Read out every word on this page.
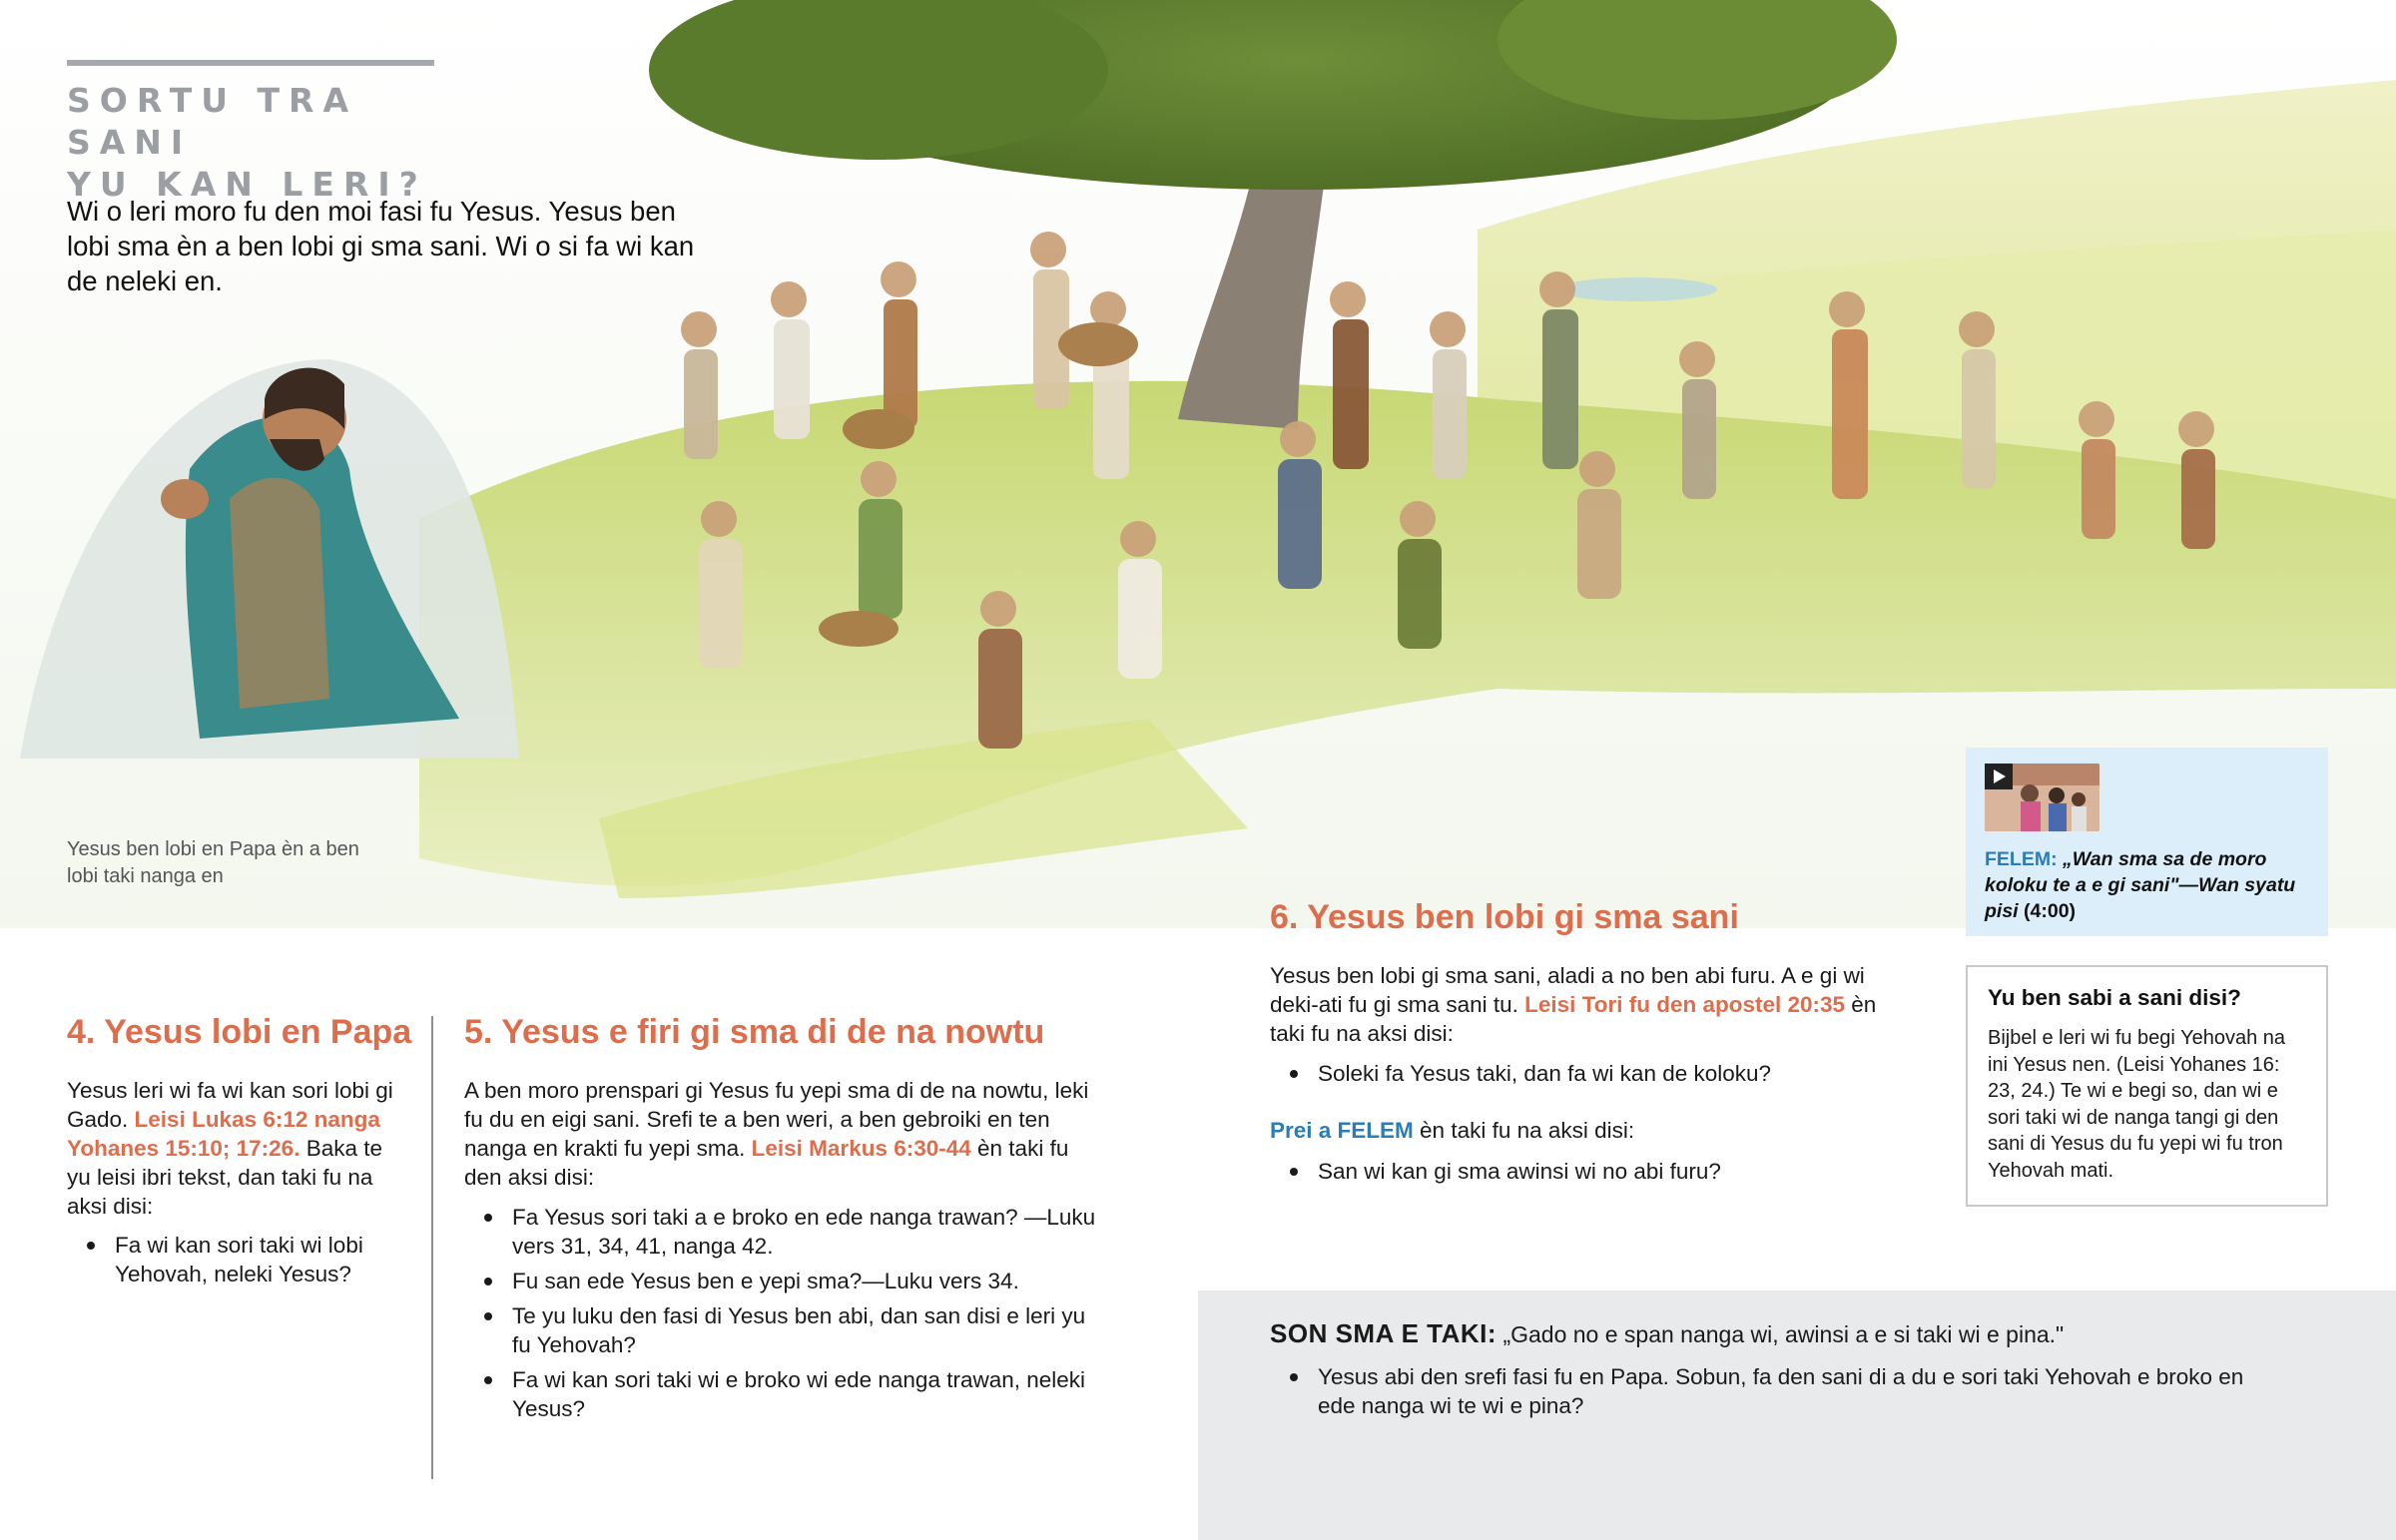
SORTU TRA SANI
YU KAN LERI?
Wi o leri moro fu den moi fasi fu Yesus. Yesus ben lobi sma èn a ben lobi gi sma sani. Wi o si fa wi kan de neleki en.
Yesus ben lobi en Papa èn a ben lobi taki nanga en
4. Yesus lobi en Papa
Yesus leri wi fa wi kan sori lobi gi Gado. Leisi Lukas 6:12 nanga Yohanes 15:10; 17:26. Baka te yu leisi ibri tekst, dan taki fu na aksi disi:
Fa wi kan sori taki wi lobi Yehovah, neleki Yesus?
5. Yesus e firi gi sma di de na nowtu
A ben moro prenspari gi Yesus fu yepi sma di de na nowtu, leki fu du en eigi sani. Srefi te a ben weri, a ben gebroiki en ten nanga en krakti fu yepi sma. Leisi Markus 6:30-44 èn taki fu den aksi disi:
Fa Yesus sori taki a e broko en ede nanga trawan? —Luku vers 31, 34, 41, nanga 42.
Fu san ede Yesus ben e yepi sma?—Luku vers 34.
Te yu luku den fasi di Yesus ben abi, dan san disi e leri yu fu Yehovah?
Fa wi kan sori taki wi e broko wi ede nanga trawan, neleki Yesus?
6. Yesus ben lobi gi sma sani
Yesus ben lobi gi sma sani, aladi a no ben abi furu. A e gi wi deki-ati fu gi sma sani tu. Leisi Tori fu den apostel 20:35 èn taki fu na aksi disi:
Soleki fa Yesus taki, dan fa wi kan de koloku?
Prei a FELEM èn taki fu na aksi disi:
San wi kan gi sma awinsi wi no abi furu?
FELEM: „Wan sma sa de moro koloku te a e gi sani"—Wan syatu pisi (4:00)
Yu ben sabi a sani disi?
Bijbel e leri wi fu begi Yehovah na ini Yesus nen. (Leisi Yohanes 16: 23, 24.) Te wi e begi so, dan wi e sori taki wi de nanga tangi gi den sani di Yesus du fu yepi wi fu tron Yehovah mati.
SON SMA E TAKI: „Gado no e span nanga wi, awinsi a e si taki wi e pina."
Yesus abi den srefi fasi fu en Papa. Sobun, fa den sani di a du e sori taki Yehovah e broko en ede nanga wi te wi e pina?
